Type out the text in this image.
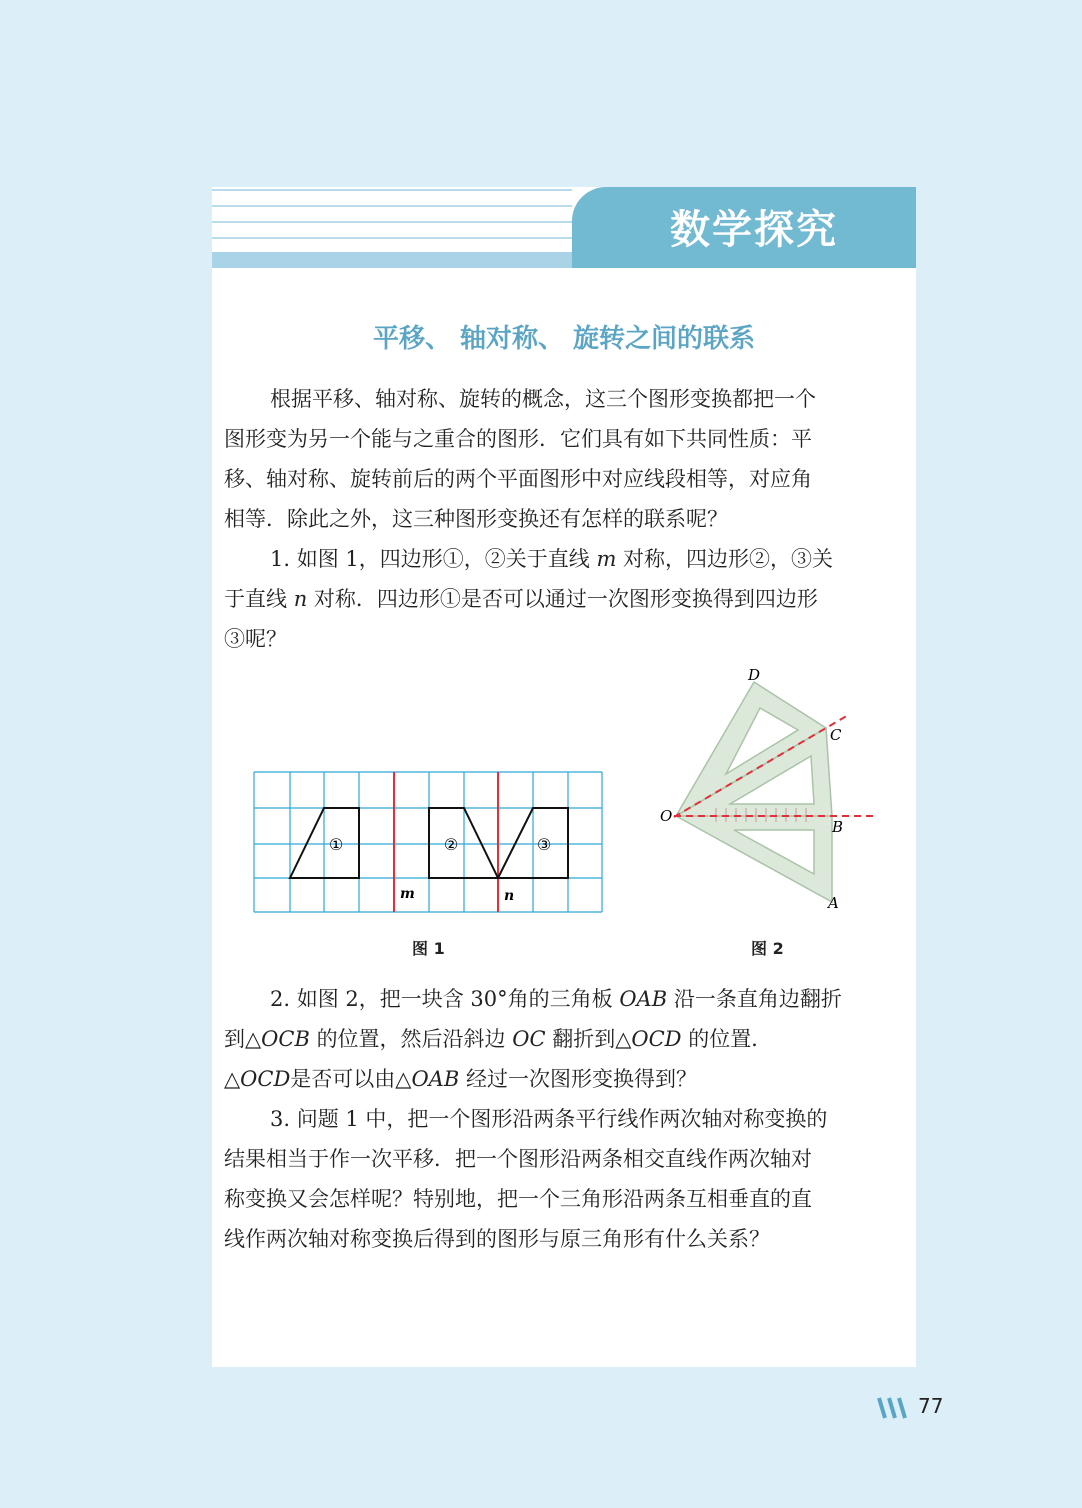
数学探究
平移、 轴对称、 旋转之间的联系

根据平移、轴对称、旋转的概念，这三个图形变换都把一个
图形变为另一个能与之重合的图形．它们具有如下共同性质：平
移、轴对称、旋转前后的两个平面图形中对应线段相等，对应角
相等．除此之外，这三种图形变换还有怎样的联系呢？

1. 如图 1，四边形①，②关于直线 m 对称，四边形②，③关
于直线 n 对称．四边形①是否可以通过一次图形变换得到四边形
③呢？

①	②	③
m	n
图 1
D
C
O
B
A
图 2

2. 如图 2，把一块含 30°角的三角板 OAB 沿一条直角边翻折
到△OCB 的位置，然后沿斜边 OC 翻折到△OCD 的位置．
△OCD是否可以由△OAB 经过一次图形变换得到？

3. 问题 1 中，把一个图形沿两条平行线作两次轴对称变换的
结果相当于作一次平移．把一个图形沿两条相交直线作两次轴对
称变换又会怎样呢？特别地，把一个三角形沿两条互相垂直的直
线作两次轴对称变换后得到的图形与原三角形有什么关系？

77
